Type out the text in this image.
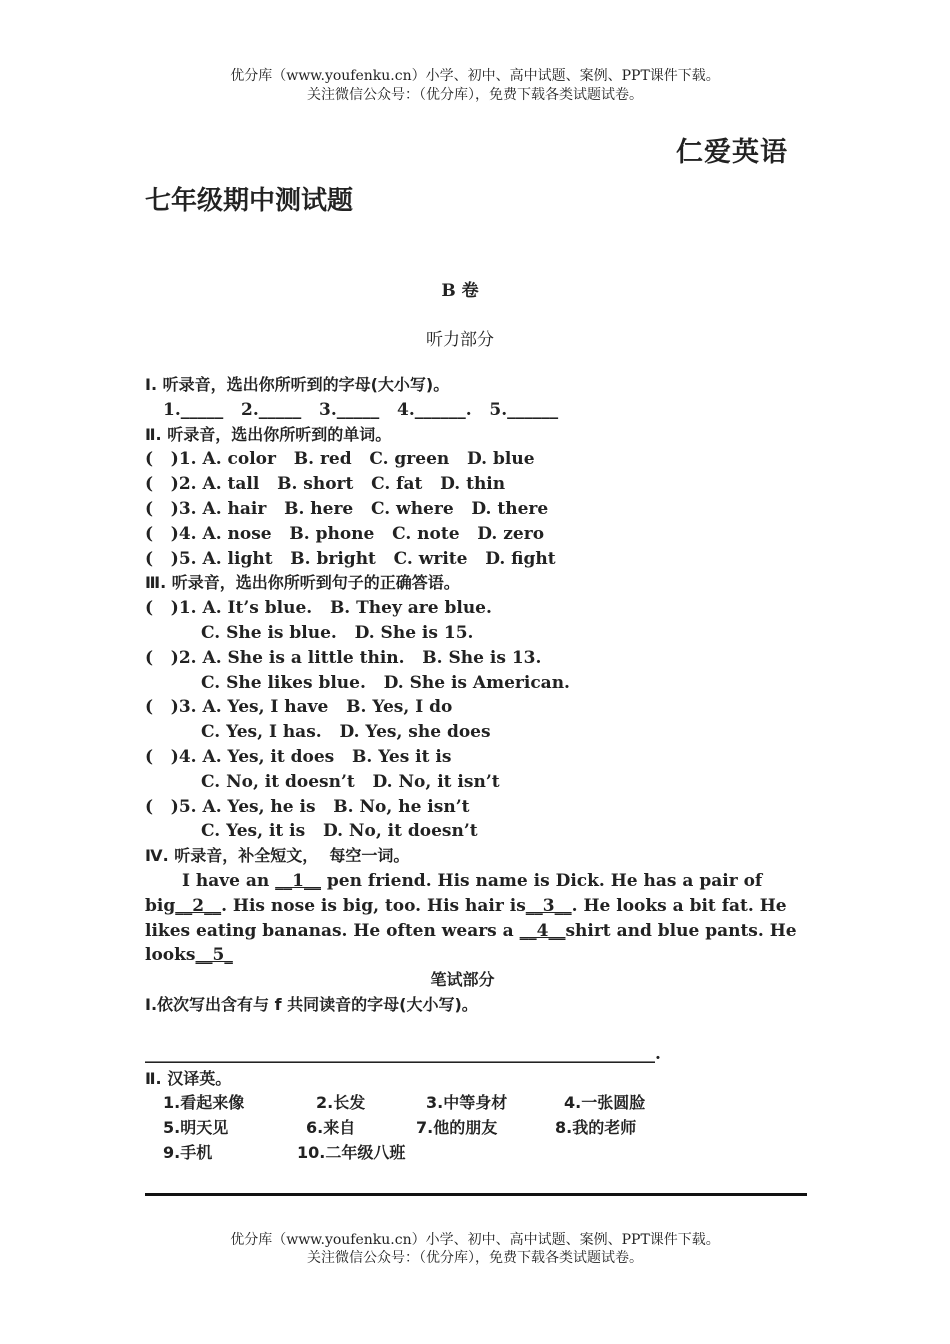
优分库（www.youfenku.cn）小学、初中、高中试题、案例、PPT课件下载。
关注微信公众号：（优分库），免费下载各类试题试卷。
仁爱英语
七年级期中测试题
B 卷
听力部分

Ⅰ. 听录音，选出你所听到的字母(大小写)。

1._____   2._____   3._____   4.______.   5.______

Ⅱ. 听录音，选出你所听到的单词。

(   )1. A. color   B. red   C. green   D. blue

(   )2. A. tall   B. short   C. fat   D. thin

(   )3. A. hair   B. here   C. where   D. there

(   )4. A. nose   B. phone   C. note   D. zero

(   )5. A. light   B. bright   C. write   D. fight

Ⅲ. 听录音，选出你所听到句子的正确答语。

(   )1. A. It’s blue.   B. They are blue.

C. She is blue.   D. She is 15.

(   )2. A. She is a little thin.   B. She is 13.

C. She likes blue.   D. She is American.

(   )3. A. Yes, I have   B. Yes, I do

C. Yes, I has.   D. Yes, she does

(   )4. A. Yes, it does   B. Yes it is

C. No, it doesn’t   D. No, it isn’t

(   )5. A. Yes, he is   B. No, he isn’t

C. Yes, it is   D. No, it doesn’t

Ⅳ. 听录音，补全短文，  每空一词。

I have an __1__ pen friend. His name is Dick. He has a pair of big__2__. His nose is big, too. His hair is__3__. He looks a bit fat. He likes eating bananas. He often wears a __4__shirt and blue pants. He looks__5_

笔试部分

Ⅰ.依次写出含有与 f 共同读音的字母(大小写)。

____________________________________________________________.

Ⅱ. 汉译英。

1.看起来像	2.长发	3.中等身材	4.一张圆脸
5.明天见	6.来自	7.他的朋友	8.我的老师
9.手机	10.二年级八班
优分库（www.youfenku.cn）小学、初中、高中试题、案例、PPT课件下载。
关注微信公众号：（优分库），免费下载各类试题试卷。
